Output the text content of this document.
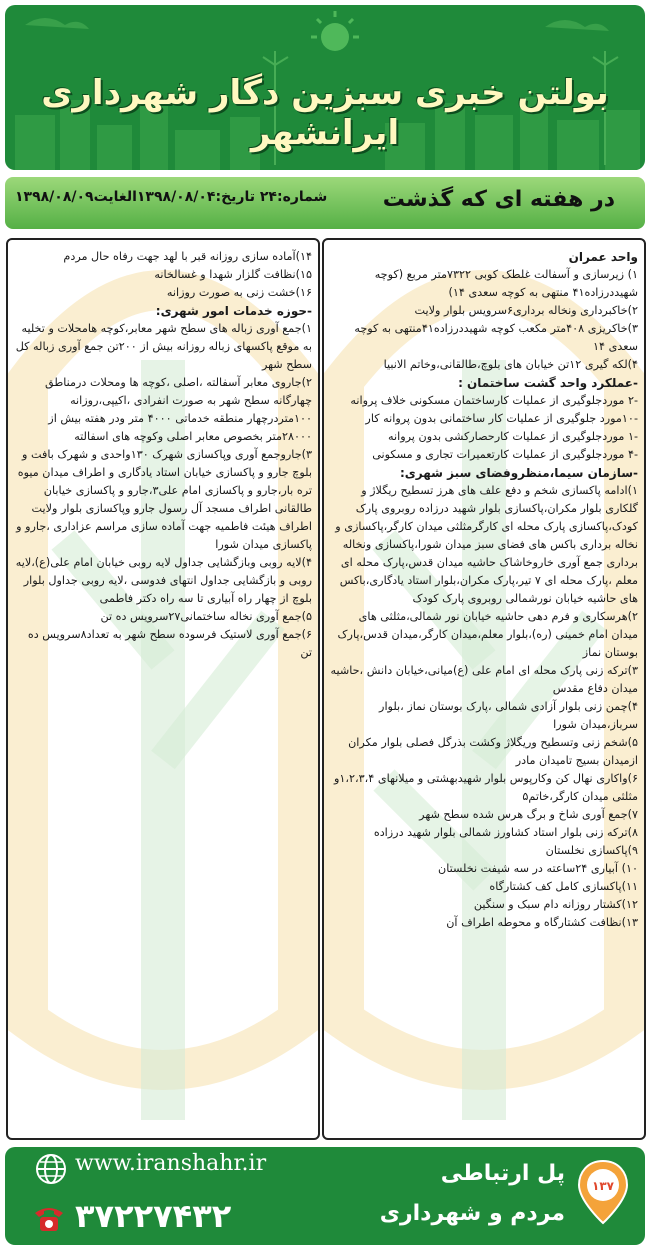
بولتن خبری سبزین دگار شهرداری ایرانشهر
شماره:۲۴ تاریخ:۱۳۹۸/۰۸/۰۴الغایت۱۳۹۸/۰۸/۰۹	در هفته ای که گذشت

واحد عمران

۱) زیرسازی و آسفالت غلطک کوبی ۷۳۲۲متر مربع (کوچه شهیددرزاده۴۱ منتهی به کوچه سعدی ۱۴)

۲)خاکبرداری ونخاله برداری۶سرویس بلوار ولایت

۳)خاکریزی ۴۰۸متر مکعب کوچه شهیددرزاده۴۱منتهی به کوچه سعدی ۱۴

۴)لکه گیری ۱۲تن خیابان های بلوچ،طالقانی،وخاتم الانبیا

-عملکرد واحد گشت ساختمان :

-۲ موردجلوگیری از عملیات کارساختمان مسکونی خلاف پروانه

-۱۰مورد جلوگیری از عملیات کار ساختمانی بدون پروانه کار

-۱ موردجلوگیری از عملیات کارحصارکشی بدون پروانه

-۴ موردجلوگیری از عملیات کارتعمیرات تجاری و مسکونی

-سازمان سیما،منظروفضای سبز شهری:

۱)ادامه پاکسازی شخم و دفع علف های هرز تسطیح ریگلاژ و گلکاری بلوار مکران،پاکسازی بلوار شهید درزاده روبروی پارک کودک،پاکسازی پارک محله ای کارگرمثلثی میدان کارگر،پاکسازی و نخاله برداری باکس های فضای سبز میدان شورا،پاکسازی ونخاله برداری جمع آوری خاروخاشاک حاشیه میدان قدس،پارک محله ای معلم ،پارک محله ای ۷ تیر،پارک مکران،بلوار استاد یادگاری،باکس های حاشیه خیابان نورشمالی روبروی پارک کودک

۲)هرسکاری و فرم دهی حاشیه خیابان نور شمالی،مثلثی های میدان امام خمینی (ره)،بلوار معلم،میدان کارگر،میدان قدس،پارک بوستان نماز

۳)ترکه زنی پارک محله ای امام علی (ع)میانی،خیابان دانش ،حاشیه میدان دفاع مقدس

۴)چمن زنی بلوار آزادی شمالی ،پارک بوستان نماز ،بلوار سرباز،میدان شورا

۵)شخم زنی وتسطیح وریگلاژ وکشت بذرگل فصلی بلوار مکران ازمیدان بسیج تامیدان مادر

۶)واکاری نهال کن وکارپوس بلوار شهیدبهشتی و میلانهای ۱،۲،۳،۴و مثلثی میدان کارگر،خاتم۵

۷)جمع آوری شاخ و برگ هرس شده سطح شهر

۸)ترکه زنی بلوار استاد کشاورز شمالی بلوار شهید درزاده

۹)پاکسازی نخلستان

۱۰) آبیاری ۲۴ساعته در سه شیفت نخلستان

۱۱)پاکسازی کامل کف کشتارگاه

۱۲)کشتار روزانه دام سبک و سنگین

۱۳)نظافت کشتارگاه و محوطه اطراف آن

۱۴)آماده سازی روزانه قبر با لهد جهت رفاه حال مردم

۱۵)نظافت گلزار شهدا و غسالخانه

۱۶)خشت زنی به صورت روزانه

-حوزه خدمات امور شهری:

۱)جمع آوری زباله های سطح شهر معابر،کوچه هامحلات و تخلیه به موقع پاکسهای زباله روزانه بیش از ۲۰۰تن جمع آوری زباله کل سطح شهر

۲)جاروی معابر آسفالته ،اصلی ،کوچه ها ومحلات درمناطق چهارگانه سطح شهر به صورت انفرادی ،اکیپی،روزانه ۱۰۰متردرچهار منطقه خدماتی ۴۰۰۰ متر ودر هفته بیش از ۲۸۰۰۰متر بخصوص معابر اصلی وکوچه های اسفالته

۳)جاروجمع آوری وپاکسازی شهرک ۱۳۰واحدی و شهرک بافت و بلوچ جارو و پاکسازی خیابان استاد یادگاری و اطراف میدان میوه تره بار،جارو و پاکسازی امام علی۳،جارو و پاکسازی خیابان طالقانی اطراف مسجد آل رسول جارو وپاکسازی بلوار ولایت اطراف هیئت فاطمیه جهت آماده سازی مراسم عزاداری ،جارو و پاکسازی میدان شورا

۴)لایه روبی وبازگشایی جداول لایه روبی خیابان امام علی(ع)،لایه روبی و بازگشایی جداول انتهای فدوسی ،لایه روبی جداول بلوار بلوچ از چهار راه آبیاری تا سه راه دکتر فاطمی

۵)جمع آوری نخاله ساختمانی۲۷سرویس ده تن

۶)جمع آوری لاستیک فرسوده سطح شهر به تعداد۸سرویس ده تن

www.iranshahr.ir
۳۷۲۲۷۴۳۲
پل ارتباطی
مردم و شهرداری
۱۳۷
